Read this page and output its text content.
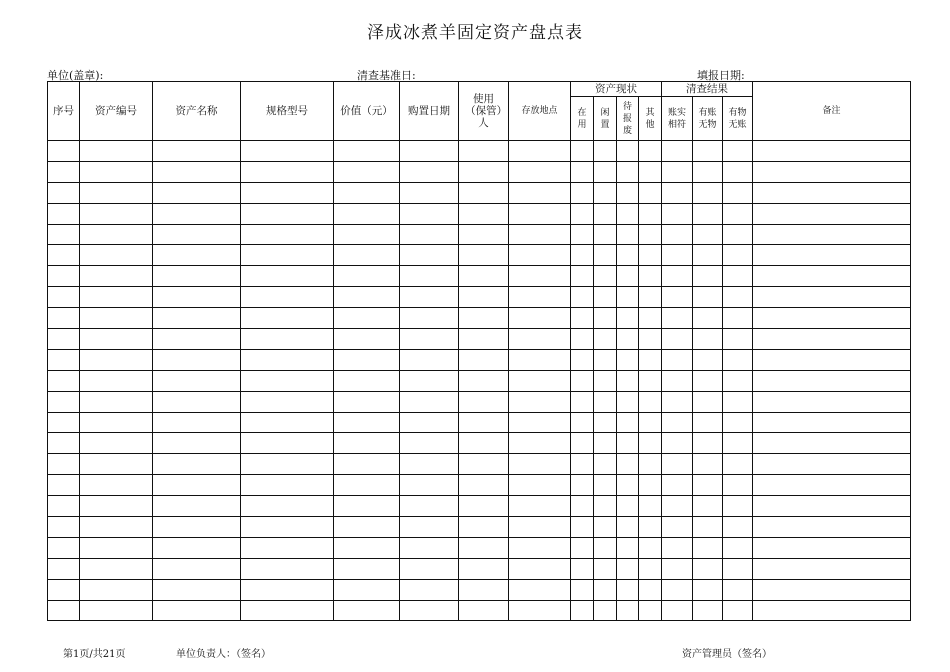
泽成冰煮羊固定资产盘点表
单位(盖章):	清查基准日:	填报日期:
序号	资产编号	资产名称	规格型号	价值（元）	购置日期	使用（保管）人	存放地点	资产现状				清查结果			备注
								在用	闲置	待报废	其他	账实相符	有账无物	有物无账	

第1页/共21页	单位负责人：（签名）	资产管理员（签名）
